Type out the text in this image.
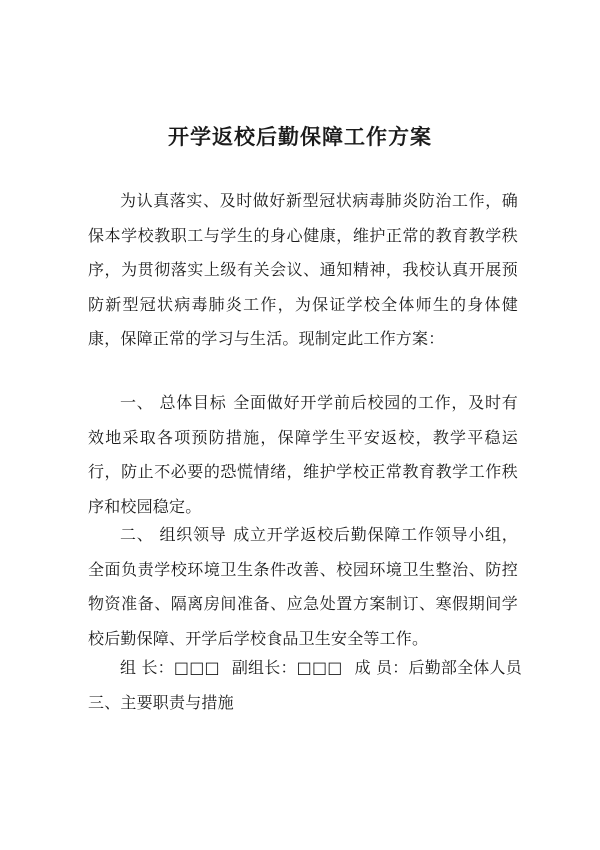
开学返校后勤保障工作方案
为认真落实、及时做好新型冠状病毒肺炎防治工作，确保本学校教职工与学生的身心健康，维护正常的教育教学秩序，为贯彻落实上级有关会议、通知精神，我校认真开展预防新型冠状病毒肺炎工作，为保证学校全体师生的身体健康，保障正常的学习与生活。现制定此工作方案：
一、 总体目标 全面做好开学前后校园的工作，及时有效地采取各项预防措施，保障学生平安返校，教学平稳运行，防止不必要的恐慌情绪，维护学校正常教育教学工作秩序和校园稳定。
二、 组织领导 成立开学返校后勤保障工作领导小组，全面负责学校环境卫生条件改善、校园环境卫生整治、防控物资准备、隔离房间准备、应急处置方案制订、寒假期间学校后勤保障、开学后学校食品卫生安全等工作。
组 长：□□□ 副组长：□□□ 成 员：后勤部全体人员
三、主要职责与措施
